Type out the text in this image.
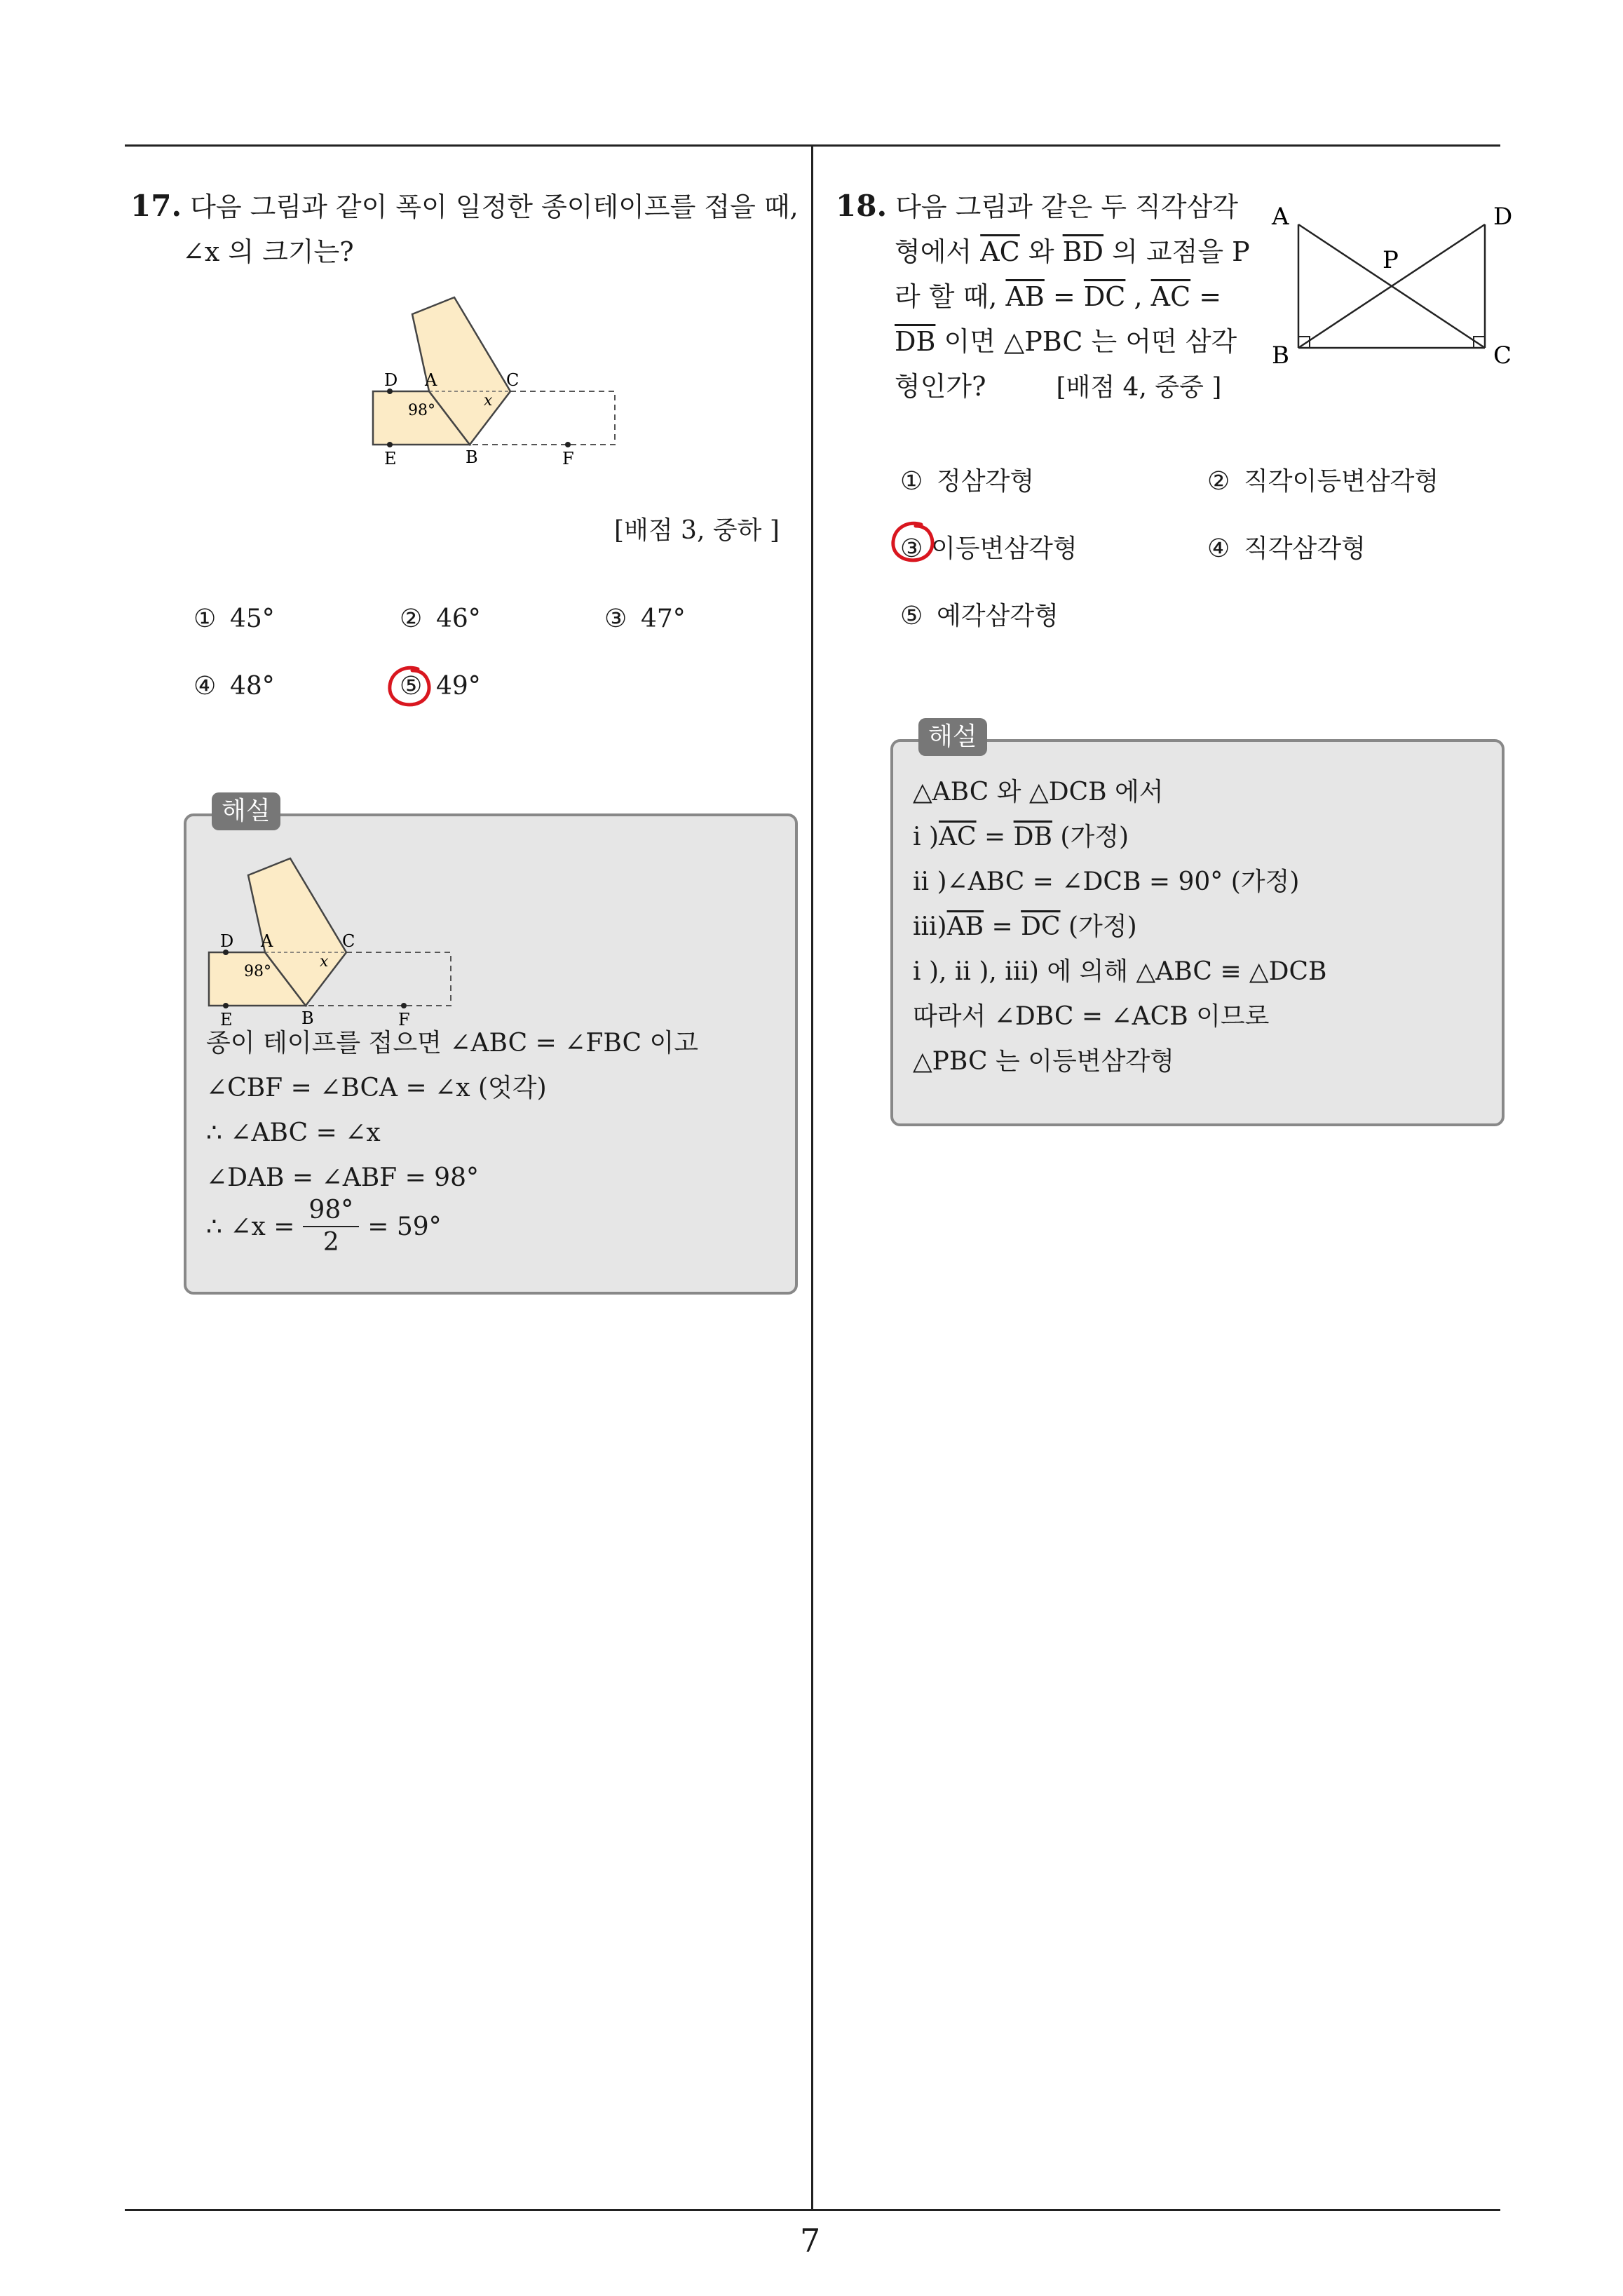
7
17. 다음 그림과 같이 폭이 일정한 종이테이프를 접을 때,
∠x 의 크기는?
D A	C
E	B	F
98°
x
[배점 3, 중하 ]
① 45°	② 46°	③ 47°
④ 48°	⑤ 49°
해설
D A	C
E	B	F
98°
x
종이 테이프를 접으면 ∠ABC = ∠FBC 이고
∠CBF = ∠BCA = ∠x (엇각)
∴ ∠ABC = ∠x
∠DAB = ∠ABF = 98°
∴ ∠x = $\frac{98^\circ}{2} = 59^\circ$
18. 다음 그림과 같은 두 직각삼각
형에서 $\overline{AC}$ 와 $\overline{BD}$ 의 교점을 P
라 할 때, $\overline{AB} = \overline{DC}$ , $\overline{AC}$ =
$\overline{DB}$ 이면 △PBC 는 어떤 삼각
형인가?	[배점 4, 중중 ]
A	D
P
B	C
① 정삼각형	② 직각이등변삼각형
③ 이등변삼각형	④ 직각삼각형
⑤ 예각삼각형
해설
△ABC 와 △DCB 에서
i )$\overline{AC} = \overline{DB}$ (가정)
ii )∠ABC = ∠DCB = 90° (가정)
$iii)\overline{AB} = \overline{DC}$ (가정)
i ), ii ), iii) 에 의해 △ABC ≡ △DCB
따라서 ∠DBC = ∠ACB 이므로
△PBC 는 이등변삼각형
